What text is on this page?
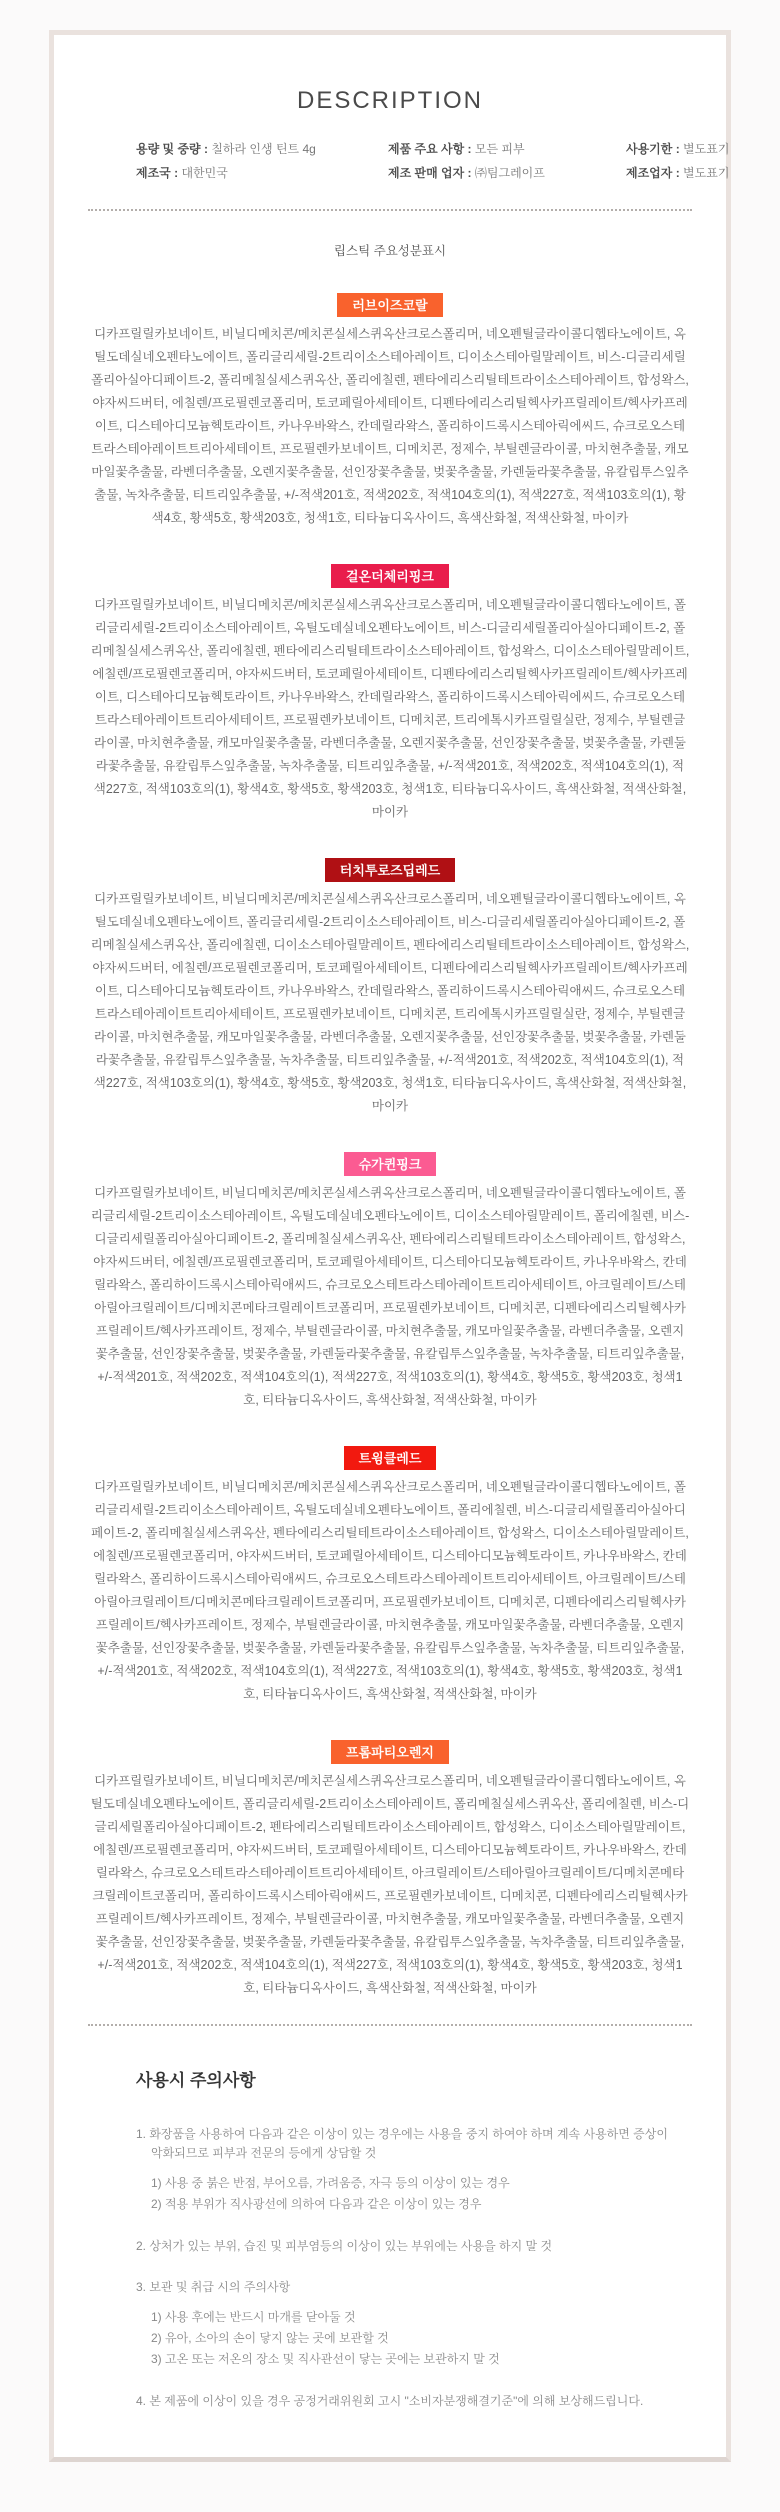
DESCRIPTION
용량 및 중량 : 칠하라 인생 틴트 4g	제품 주요 사항 : 모든 피부	사용기한 : 별도표기
제조국 : 대한민국	제조 판매 업자 : ㈜팀그레이프	제조업자 : 별도표기

립스틱 주요성분표시

러브이즈코랄

디카프릴릴카보네이트, 비닐디메치콘/메치콘실세스퀴옥산크로스폴리머, 네오펜틸글라이콜디헵타노에이트, 옥틸도데실네오펜타노에이트, 폴리글리세릴-2트리이소스테아레이트, 디이소스테아릴말레이트, 비스-디글리세릴폴리아실아디페이트-2, 폴리메칠실세스퀴옥산, 폴리에칠렌, 펜타에리스리틸테트라이소스테아레이트, 합성왁스, 야자씨드버터, 에칠렌/프로필렌코폴리머, 토코페릴아세테이트, 디펜타에리스리틸헥사카프릴레이트/헥사카프레이트, 디스테아디모늄헥토라이트, 카나우바왁스, 칸데릴라왁스, 폴리하이드록시스테아릭에씨드, 슈크로오스테트라스테아레이트트리아세테이트, 프로필렌카보네이트, 디메치콘, 정제수, 부틸렌글라이콜, 마치현추출물, 캐모마일꽃추출물, 라벤더추출물, 오렌지꽃추출물, 선인장꽃추출물, 벚꽃추출물, 카렌둘라꽃추출물, 유칼립투스잎추출물, 녹차추출물, 티트리잎추출물, +/-적색201호, 적색202호, 적색104호의(1), 적색227호, 적색103호의(1), 황색4호, 황색5호, 황색203호, 청색1호, 티타늄디옥사이드, 흑색산화철, 적색산화철, 마이카

걸온더체리핑크

디카프릴릴카보네이트, 비닐디메치콘/메치콘실세스퀴옥산크로스폴리머, 네오펜틸글라이콜디헵타노에이트, 폴리글리세릴-2트리이소스테아레이트, 옥틸도데실네오펜타노에이트, 비스-디글리세릴폴리아실아디페이트-2, 폴리메칠실세스퀴옥산, 폴리에칠렌, 펜타에리스리틸테트라이소스테아레이트, 합성왁스, 디이소스테아릴말레이트, 에칠렌/프로필렌코폴리머, 야자씨드버터, 토코페릴아세테이트, 디펜타에리스리틸헥사카프릴레이트/헥사카프레이트, 디스테아디모늄헥토라이트, 카나우바왁스, 칸데릴라왁스, 폴리하이드록시스테아릭에씨드, 슈크로오스테트라스테아레이트트리아세테이트, 프로필렌카보네이트, 디메치콘, 트리에톡시카프릴릴실란, 정제수, 부틸렌글라이콜, 마치현추출물, 캐모마일꽃추출물, 라벤더추출물, 오렌지꽃추출물, 선인장꽃추출물, 벚꽃추출물, 카렌둘라꽃추출물, 유칼립투스잎추출물, 녹차추출물, 티트리잎추출물, +/-적색201호, 적색202호, 적색104호의(1), 적색227호, 적색103호의(1), 황색4호, 황색5호, 황색203호, 청색1호, 티타늄디옥사이드, 흑색산화철, 적색산화철, 마이카

터치투로즈딥레드

디카프릴릴카보네이트, 비닐디메치콘/메치콘실세스퀴옥산크로스폴리머, 네오펜틸글라이콜디헵타노에이트, 옥틸도데실네오펜타노에이트, 폴리글리세릴-2트리이소스테아레이트, 비스-디글리세릴폴리아실아디페이트-2, 폴리메칠실세스퀴옥산, 폴리에칠렌, 디이소스테아릴말레이트, 펜타에리스리틸테트라이소스테아레이트, 합성왁스, 야자씨드버터, 에칠렌/프로필렌코폴리머, 토코페릴아세테이트, 디펜타에리스리틸헥사카프릴레이트/헥사카프레이트, 디스테아디모늄헥토라이트, 카나우바왁스, 칸데릴라왁스, 폴리하이드록시스테아릭애씨드, 슈크로오스테트라스테아레이트트리아세테이트, 프로필렌카보네이트, 디메치콘, 트리에톡시카프릴릴실란, 정제수, 부틸렌글라이콜, 마치현추출물, 캐모마일꽃추출물, 라벤더추출물, 오렌지꽃추출물, 선인장꽃추출물, 벚꽃추출물, 카렌둘라꽃추출물, 유칼립투스잎추출물, 녹차추출물, 티트리잎추출물, +/-적색201호, 적색202호, 적색104호의(1), 적색227호, 적색103호의(1), 황색4호, 황색5호, 황색203호, 청색1호, 티타늄디옥사이드, 흑색산화철, 적색산화철, 마이카

슈가퀸핑크

디카프릴릴카보네이트, 비닐디메치콘/메치콘실세스퀴옥산크로스폴리머, 네오펜틸글라이콜디헵타노에이트, 폴리글리세릴-2트리이소스테아레이트, 옥틸도데실네오펜타노에이트, 디이소스테아릴말레이트, 폴리에칠렌, 비스-디글리세릴폴리아실아디페이트-2, 폴리메칠실세스퀴옥산, 펜타에리스리틸테트라이소스테아레이트, 합성왁스, 야자씨드버터, 에칠렌/프로필렌코폴리머, 토코페릴아세테이트, 디스테아디모늄헥토라이트, 카나우바왁스, 칸데릴라왁스, 폴리하이드록시스테아릭애씨드, 슈크로오스테트라스테아레이트트리아세테이트, 아크릴레이트/스테아릴아크릴레이트/디메치콘메타크릴레이트코폴리머, 프로필렌카보네이트, 디메치콘, 디펜타에리스리틸헥사카프릴레이트/헥사카프레이트, 정제수, 부틸렌글라이콜, 마치현추출물, 캐모마일꽃추출물, 라벤더추출물, 오렌지꽃추출물, 선인장꽃추출물, 벚꽃추출물, 카렌둘라꽃추출물, 유칼립투스잎추출물, 녹차추출물, 티트리잎추출물, +/-적색201호, 적색202호, 적색104호의(1), 적색227호, 적색103호의(1), 황색4호, 황색5호, 황색203호, 청색1호, 티타늄디옥사이드, 흑색산화철, 적색산화철, 마이카

트윙클레드

디카프릴릴카보네이트, 비닐디메치콘/메치콘실세스퀴옥산크로스폴리머, 네오펜틸글라이콜디헵타노에이트, 폴리글리세릴-2트리이소스테아레이트, 옥틸도데실네오펜타노에이트, 폴리에칠렌, 비스-디글리세릴폴리아실아디페이트-2, 폴리메칠실세스퀴옥산, 펜타에리스리틸테트라이소스테아레이트, 합성왁스, 디이소스테아릴말레이트, 에칠렌/프로필렌코폴리머, 야자씨드버터, 토코페릴아세테이트, 디스테아디모늄헥토라이트, 카나우바왁스, 칸데릴라왁스, 폴리하이드록시스테아릭애씨드, 슈크로오스테트라스테아레이트트리아세테이트, 아크릴레이트/스테아릴아크릴레이트/디메치콘메타크릴레이트코폴리머, 프로필렌카보네이트, 디메치콘, 디펜타에리스리틸헥사카프릴레이트/헥사카프레이트, 정제수, 부틸렌글라이콜, 마치현추출물, 캐모마일꽃추출물, 라벤더추출물, 오렌지꽃추출물, 선인장꽃추출물, 벚꽃추출물, 카렌둘라꽃추출물, 유칼립투스잎추출물, 녹차추출물, 티트리잎추출물, +/-적색201호, 적색202호, 적색104호의(1), 적색227호, 적색103호의(1), 황색4호, 황색5호, 황색203호, 청색1호, 티타늄디옥사이드, 흑색산화철, 적색산화철, 마이카

프롬파티오렌지

디카프릴릴카보네이트, 비닐디메치콘/메치콘실세스퀴옥산크로스폴리머, 네오펜틸글라이콜디헵타노에이트, 옥틸도데실네오펜타노에이트, 폴리글리세릴-2트리이소스테아레이트, 폴리메칠실세스퀴옥산, 폴리에칠렌, 비스-디글리세릴폴리아실아디페이트-2, 펜타에리스리틸테트라이소스테아레이트, 합성왁스, 디이소스테아릴말레이트, 에칠렌/프로필렌코폴리머, 야자씨드버터, 토코페릴아세테이트, 디스테아디모늄헥토라이트, 카나우바왁스, 칸데릴라왁스, 슈크로오스테트라스테아레이트트리아세테이트, 아크릴레이트/스테아릴아크릴레이트/디메치콘메타크릴레이트코폴리머, 폴리하이드록시스테아릭애씨드, 프로필렌카보네이트, 디메치콘, 디펜타에리스리틸헥사카프릴레이트/헥사카프레이트, 정제수, 부틸렌글라이콜, 마치현추출물, 캐모마일꽃추출물, 라벤더추출물, 오렌지꽃추출물, 선인장꽃추출물, 벚꽃추출물, 카렌둘라꽃추출물, 유칼립투스잎추출물, 녹차추출물, 티트리잎추출물, +/-적색201호, 적색202호, 적색104호의(1), 적색227호, 적색103호의(1), 황색4호, 황색5호, 황색203호, 청색1호, 티타늄디옥사이드, 흑색산화철, 적색산화철, 마이카

사용시 주의사항

1. 화장품을 사용하여 다음과 같은 이상이 있는 경우에는 사용을 중지 하여야 하며 계속 사용하면 증상이 악화되므로 피부과 전문의 등에게 상담할 것

1) 사용 중 붉은 반점, 부어오름, 가려움증, 자극 등의 이상이 있는 경우

2) 적용 부위가 직사광선에 의하여 다음과 같은 이상이 있는 경우

2. 상처가 있는 부위, 습진 및 피부염등의 이상이 있는 부위에는 사용을 하지 말 것

3. 보관 및 취급 시의 주의사항

1) 사용 후에는 반드시 마개를 닫아둘 것

2) 유아, 소아의 손이 닿지 않는 곳에 보관할 것

3) 고온 또는 저온의 장소 및 직사관선이 닿는 곳에는 보관하지 말 것

4. 본 제품에 이상이 있을 경우 공정거래위원회 고시 "소비자분쟁해결기준"에 의해 보상해드립니다.
